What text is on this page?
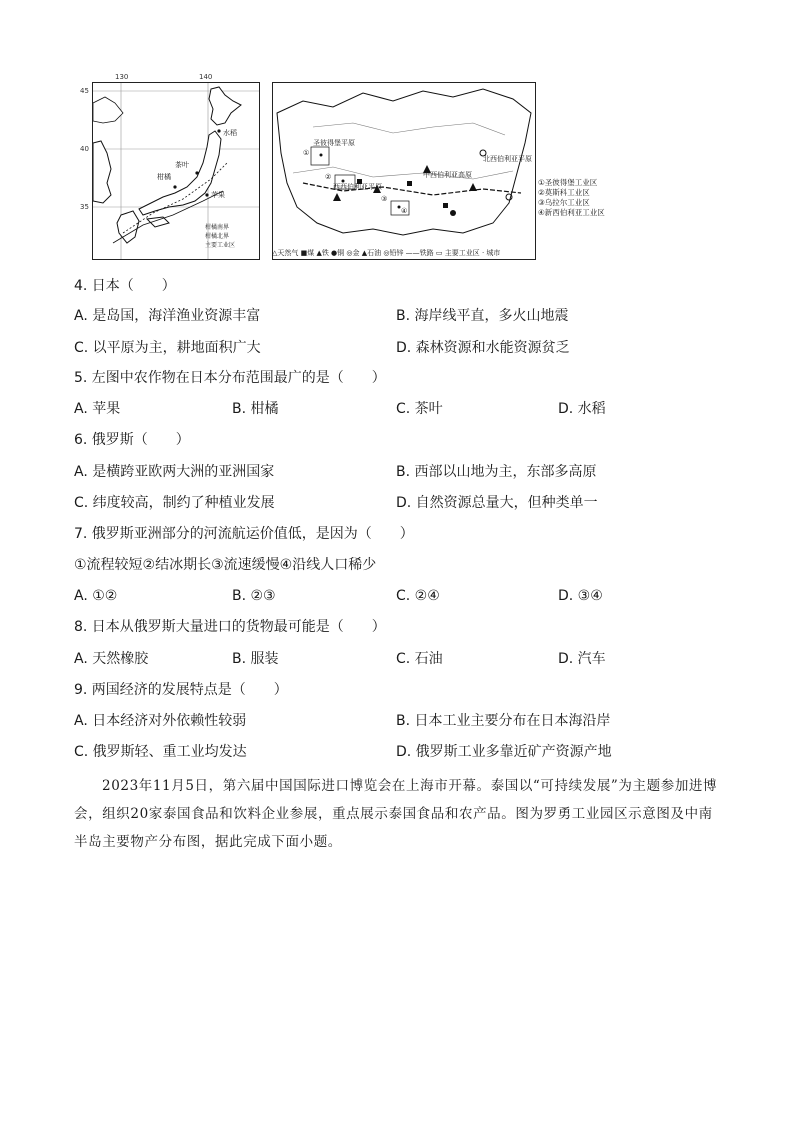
130	140
45
40
35
水稻
茶叶
柑橘
苹果
柑橘南界
柑橘北界
主要工业区
圣彼得堡平原
中西伯利亚高原
北西伯利亚平原
西西伯利亚平原
①
②
③
④
①圣彼得堡工业区
②莫斯科工业区
③乌拉尔工业区
④新西伯利亚工业区
△天然气 ■煤 ▲铁 ●铜 ◎金 ▲石油 ◎铅锌 ——铁路 ▭ 主要工业区 · 城市
4. 日本（　　）
A. 是岛国，海洋渔业资源丰富	B. 海岸线平直，多火山地震
C. 以平原为主，耕地面积广大	D. 森林资源和水能资源贫乏
5. 左图中农作物在日本分布范围最广的是（　　）
A. 苹果	B. 柑橘	C. 茶叶	D. 水稻
6. 俄罗斯（　　）
A. 是横跨亚欧两大洲的亚洲国家	B. 西部以山地为主，东部多高原
C. 纬度较高，制约了种植业发展	D. 自然资源总量大，但种类单一
7. 俄罗斯亚洲部分的河流航运价值低，是因为（　　）
①流程较短②结冰期长③流速缓慢④沿线人口稀少
A. ①②	B. ②③	C. ②④	D. ③④
8. 日本从俄罗斯大量进口的货物最可能是（　　）
A. 天然橡胶	B. 服装	C. 石油	D. 汽车
9. 两国经济的发展特点是（　　）
A. 日本经济对外依赖性较弱	B. 日本工业主要分布在日本海沿岸
C. 俄罗斯轻、重工业均发达	D. 俄罗斯工业多靠近矿产资源产地
2023年11月5日，第六届中国国际进口博览会在上海市开幕。泰国以“可持续发展”为主题参加进博会，组织20家泰国食品和饮料企业参展，重点展示泰国食品和农产品。图为罗勇工业园区示意图及中南半岛主要物产分布图，据此完成下面小题。
